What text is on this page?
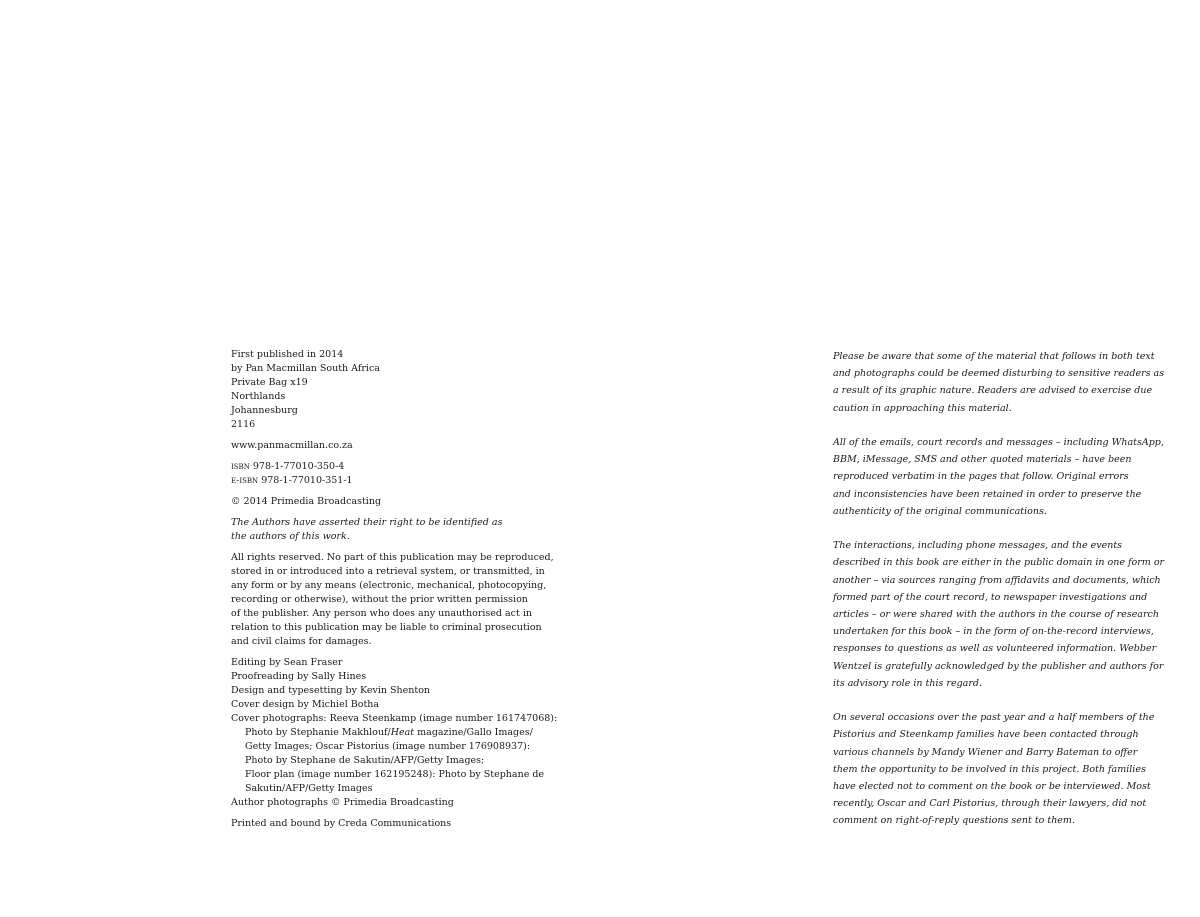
First published in 2014
by Pan Macmillan South Africa
Private Bag x19
Northlands
Johannesburg
2116
www.panmacmillan.co.za
isbn 978-1-77010-350-4
e-isbn 978-1-77010-351-1
© 2014 Primedia Broadcasting
The Authors have asserted their right to be identified as
the authors of this work.
All rights reserved. No part of this publication may be reproduced,
stored in or introduced into a retrieval system, or transmitted, in
any form or by any means (electronic, mechanical, photocopying,
recording or otherwise), without the prior written permission
of the publisher. Any person who does any unauthorised act in
relation to this publication may be liable to criminal prosecution
and civil claims for damages.
Editing by Sean Fraser
Proofreading by Sally Hines
Design and typesetting by Kevin Shenton
Cover design by Michiel Botha
Cover photographs: Reeva Steenkamp (image number 161747068):
Photo by Stephanie Makhlouf/Heat magazine/Gallo Images/
Getty Images; Oscar Pistorius (image number 176908937):
Photo by Stephane de Sakutin/AFP/Getty Images;
Floor plan (image number 162195248): Photo by Stephane de
Sakutin/AFP/Getty Images
Author photographs © Primedia Broadcasting
Printed and bound by Creda Communications
Please be aware that some of the material that follows in both text
and photographs could be deemed disturbing to sensitive readers as
a result of its graphic nature. Readers are advised to exercise due
caution in approaching this material.
All of the emails, court records and messages – including WhatsApp,
BBM, iMessage, SMS and other quoted materials – have been
reproduced verbatim in the pages that follow. Original errors
and inconsistencies have been retained in order to preserve the
authenticity of the original communications.
The interactions, including phone messages, and the events
described in this book are either in the public domain in one form or
another – via sources ranging from affidavits and documents, which
formed part of the court record, to newspaper investigations and
articles – or were shared with the authors in the course of research
undertaken for this book – in the form of on-the-record interviews,
responses to questions as well as volunteered information. Webber
Wentzel is gratefully acknowledged by the publisher and authors for
its advisory role in this regard.
On several occasions over the past year and a half members of the
Pistorius and Steenkamp families have been contacted through
various channels by Mandy Wiener and Barry Bateman to offer
them the opportunity to be involved in this project. Both families
have elected not to comment on the book or be interviewed. Most
recently, Oscar and Carl Pistorius, through their lawyers, did not
comment on right-of-reply questions sent to them.
